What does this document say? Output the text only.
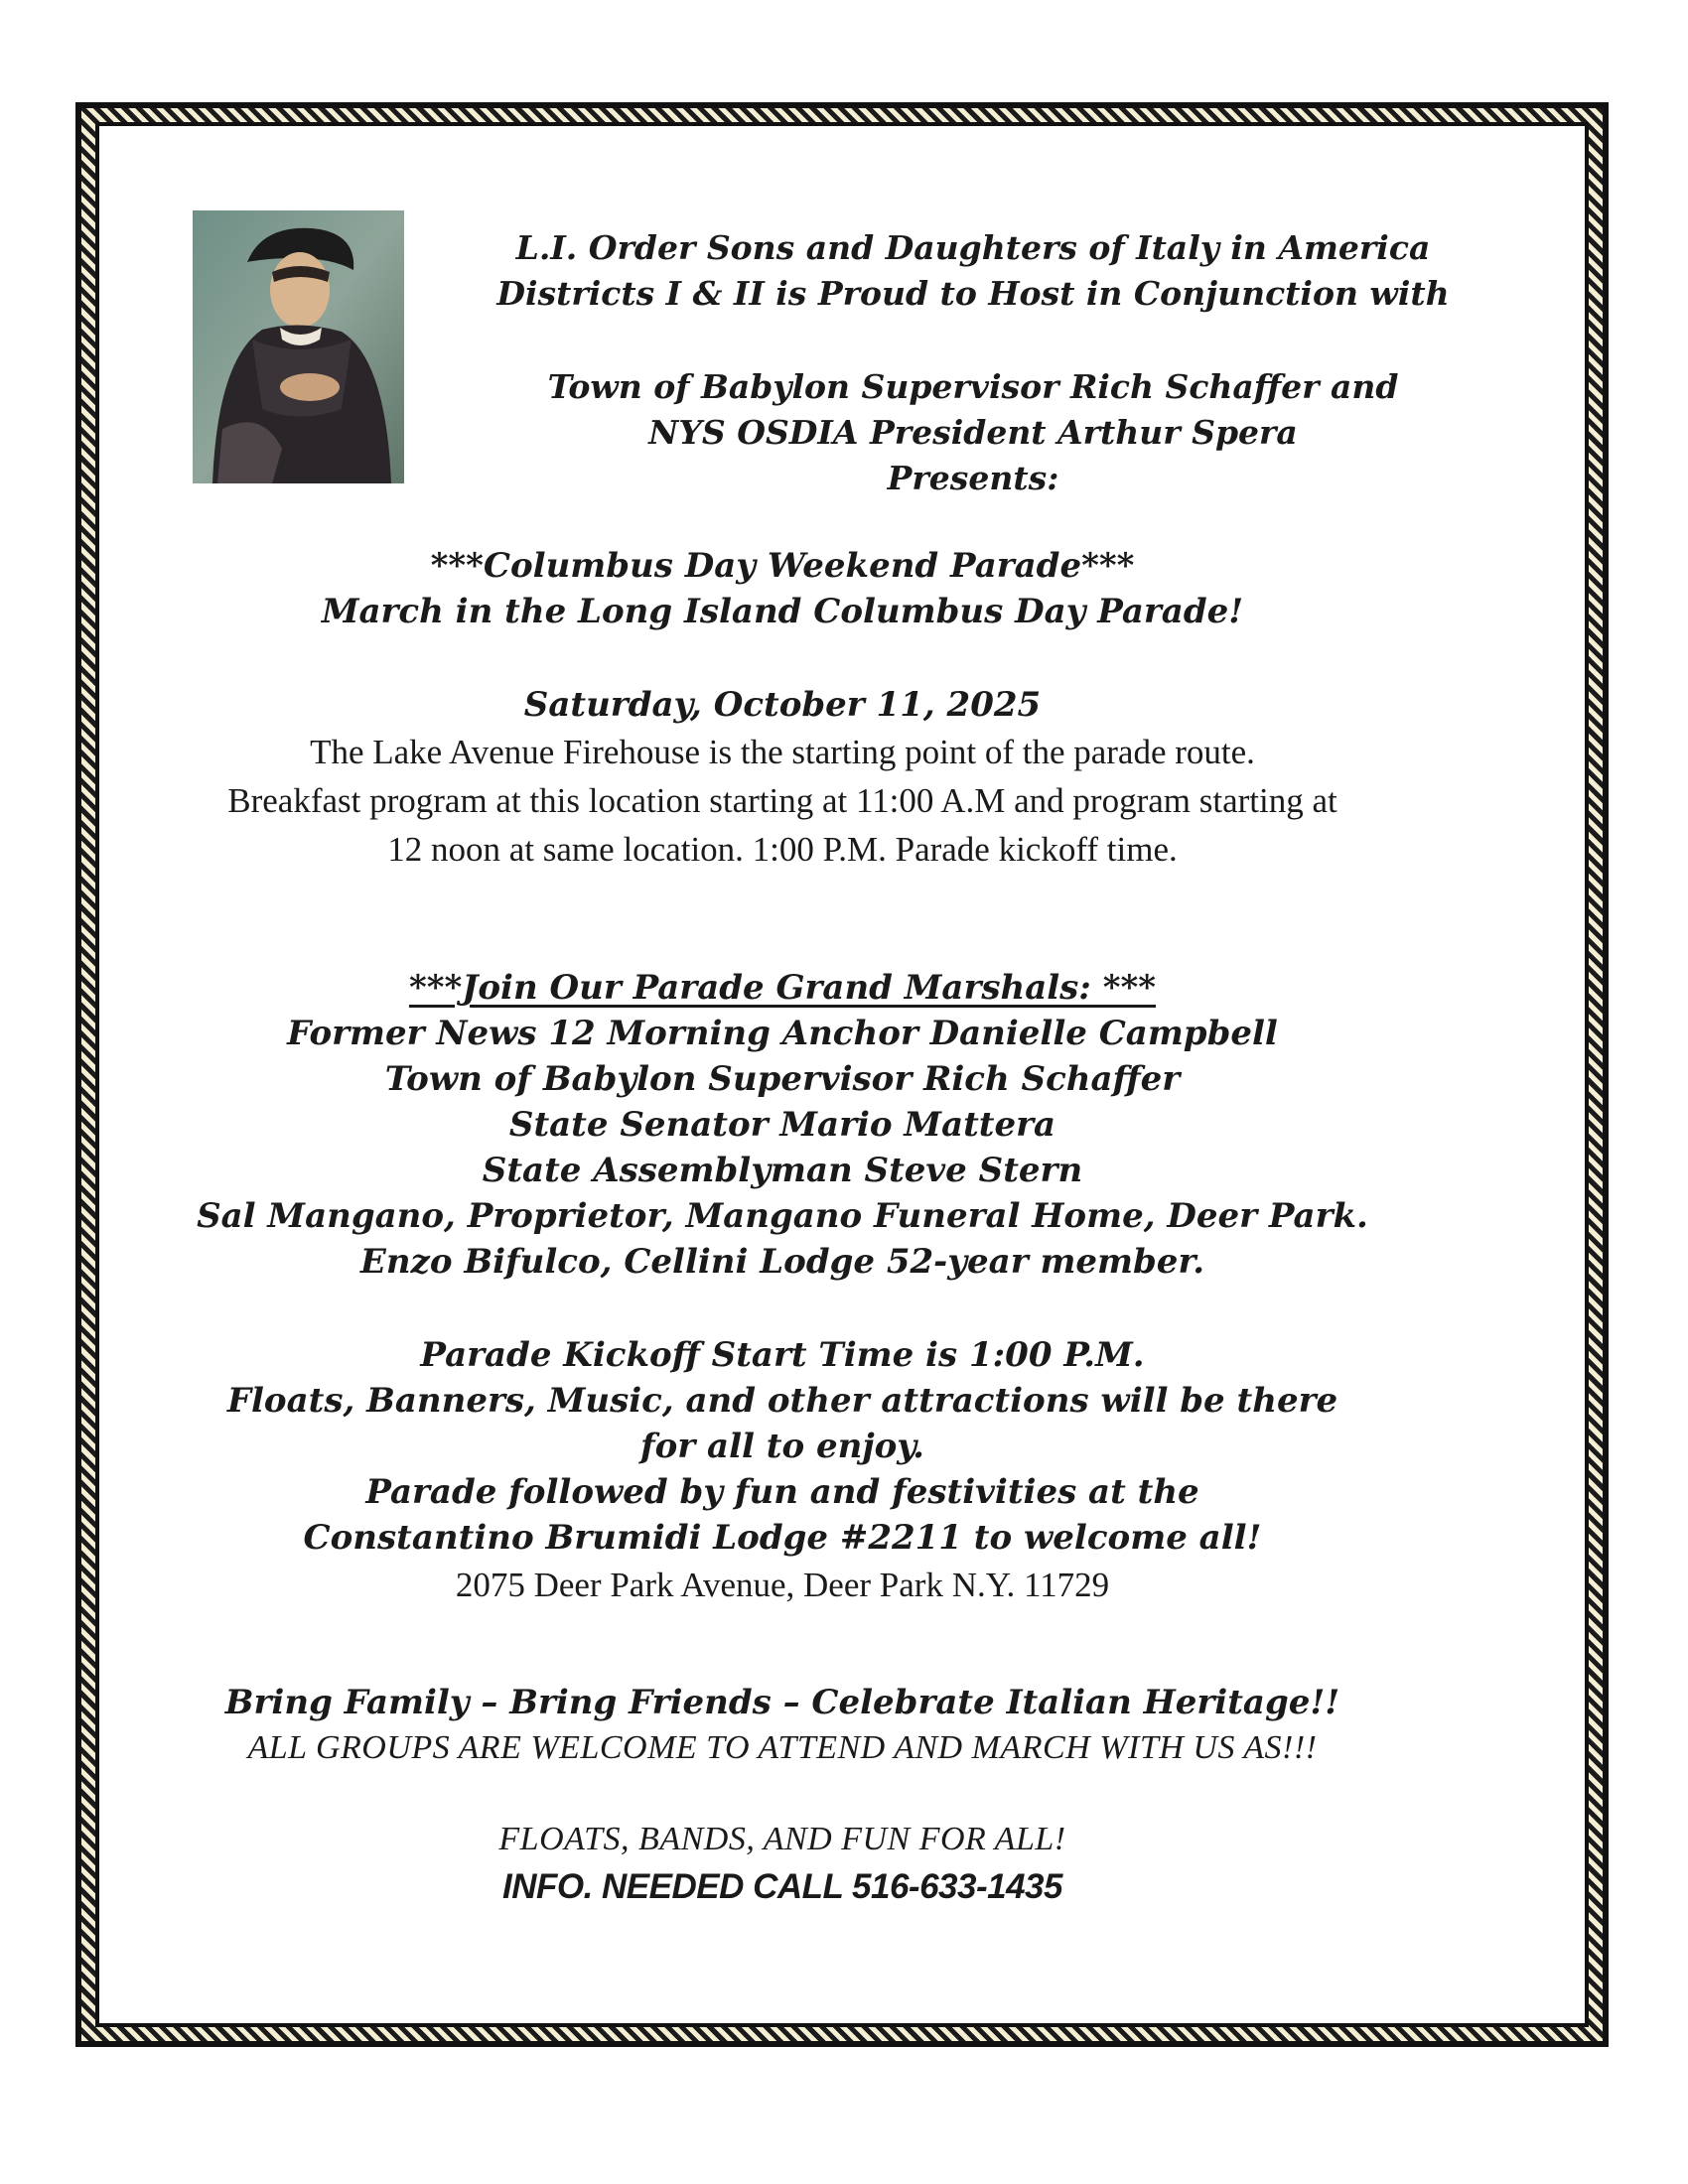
L.I. Order Sons and Daughters of Italy in America
Districts I & II is Proud to Host in Conjunction with
Town of Babylon Supervisor Rich Schaffer and
NYS OSDIA President Arthur Spera
Presents:
***Columbus Day Weekend Parade***
March in the Long Island Columbus Day Parade!
Saturday, October 11, 2025
The Lake Avenue Firehouse is the starting point of the parade route.
Breakfast program at this location starting at 11:00 A.M and program starting at
12 noon at same location. 1:00 P.M. Parade kickoff time.
***Join Our Parade Grand Marshals: ***
Former News 12 Morning Anchor Danielle Campbell
Town of Babylon Supervisor Rich Schaffer
State Senator Mario Mattera
State Assemblyman Steve Stern
Sal Mangano, Proprietor, Mangano Funeral Home, Deer Park.
Enzo Bifulco, Cellini Lodge 52-year member.
Parade Kickoff Start Time is 1:00 P.M.
Floats, Banners, Music, and other attractions will be there
for all to enjoy.
Parade followed by fun and festivities at the
Constantino Brumidi Lodge #2211 to welcome all!
2075 Deer Park Avenue, Deer Park N.Y. 11729
Bring Family – Bring Friends – Celebrate Italian Heritage!!
ALL GROUPS ARE WELCOME TO ATTEND AND MARCH WITH US AS!!!
FLOATS, BANDS, AND FUN FOR ALL!
INFO. NEEDED CALL 516-633-1435
